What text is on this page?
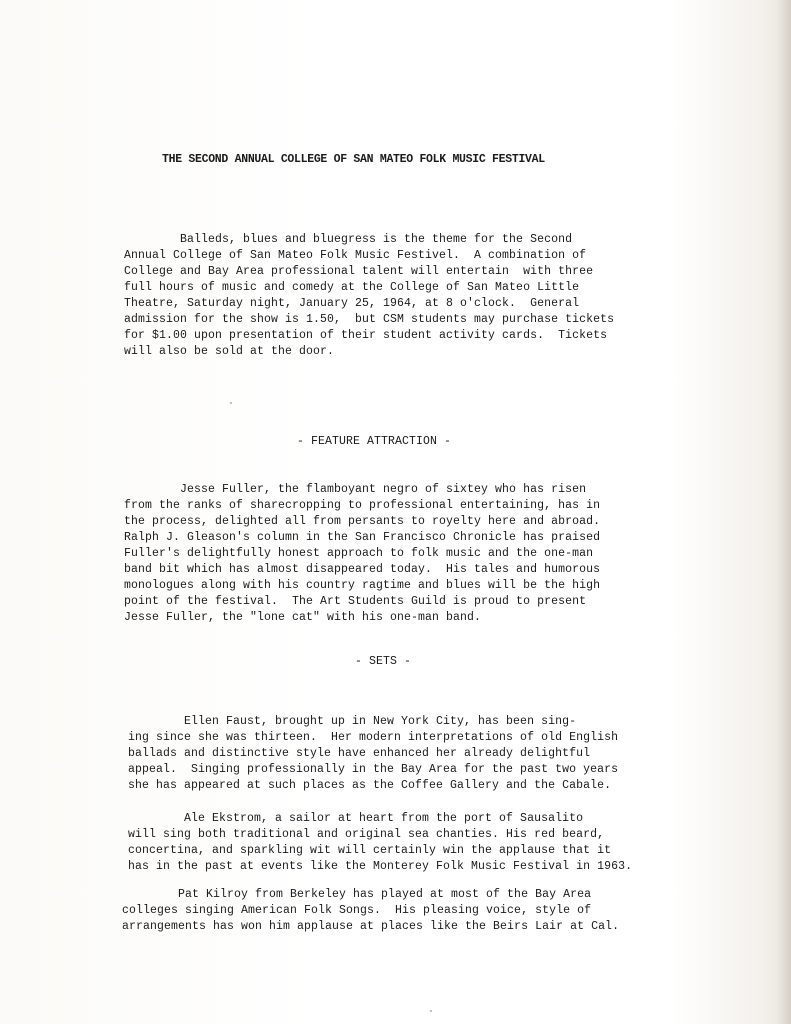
THE SECOND ANNUAL COLLEGE OF SAN MATEO FOLK MUSIC FESTIVAL
Balleds, blues and bluegress is the theme for the Second
Annual College of San Mateo Folk Music Festivel.  A combination of
College and Bay Area professional talent will entertain  with three
full hours of music and comedy at the College of San Mateo Little
Theatre, Saturday night, January 25, 1964, at 8 o'clock.  General
admission for the show is 1.50,  but CSM students may purchase tickets
for $1.00 upon presentation of their student activity cards.  Tickets
will also be sold at the door.
- FEATURE ATTRACTION -
Jesse Fuller, the flamboyant negro of sixtey who has risen
from the ranks of sharecropping to professional entertaining, has in
the process, delighted all from persants to royelty here and abroad.
Ralph J. Gleason's column in the San Francisco Chronicle has praised
Fuller's delightfully honest approach to folk music and the one-man
band bit which has almost disappeared today.  His tales and humorous
monologues along with his country ragtime and blues will be the high
point of the festival.  The Art Students Guild is proud to present
Jesse Fuller, the "lone cat" with his one-man band.
- SETS -
Ellen Faust, brought up in New York City, has been sing-
ing since she was thirteen.  Her modern interpretations of old English
ballads and distinctive style have enhanced her already delightful
appeal.  Singing professionally in the Bay Area for the past two years
she has appeared at such places as the Coffee Gallery and the Cabale.
Ale Ekstrom, a sailor at heart from the port of Sausalito
will sing both traditional and original sea chanties. His red beard,
concertina, and sparkling wit will certainly win the applause that it
has in the past at events like the Monterey Folk Music Festival in 1963.
Pat Kilroy from Berkeley has played at most of the Bay Area
colleges singing American Folk Songs.  His pleasing voice, style of
arrangements has won him applause at places like the Beirs Lair at Cal.
